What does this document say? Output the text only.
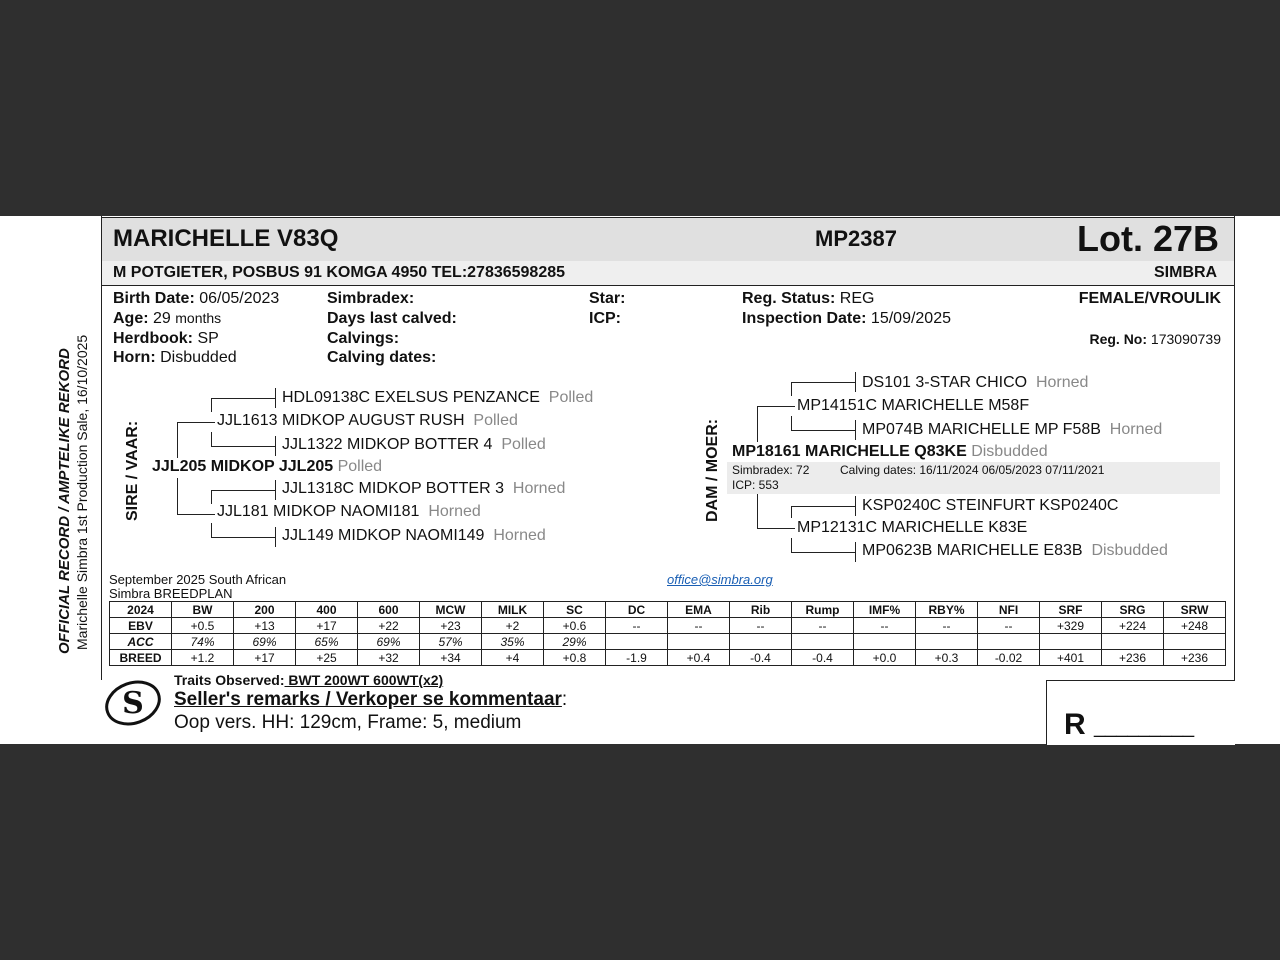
OFFICIAL RECORD / AMPTELIKE REKORD Marichelle Simbra 1st Production Sale, 16/10/2025
MARICHELLE V83Q	MP2387	Lot. 27B
M POTGIETER, POSBUS 91 KOMGA 4950 TEL:27836598285	SIMBRA
Birth Date: 06/05/2023
Age: 29 months
Herdbook: SP
Horn: Disbudded
Simbradex:
Days last calved:
Calvings:
Calving dates:
Star:
ICP:
Reg. Status: REG
Inspection Date: 15/09/2025
FEMALE/VROULIK
Reg. No: 173090739
SIRE / VAAR: JJL205 MIDKOP JJL205 Polled
JJL1613 MIDKOP AUGUST RUSH Polled
HDL09138C EXELSUS PENZANCE Polled
JJL1322 MIDKOP BOTTER 4 Polled
JJL181 MIDKOP NAOMI181 Horned
JJL1318C MIDKOP BOTTER 3 Horned
JJL149 MIDKOP NAOMI149 Horned
DAM / MOER: MP18161 MARICHELLE Q83KE Disbudded
Simbradex: 72	Calving dates: 16/11/2024 06/05/2023 07/11/2021
ICP: 553
MP14151C MARICHELLE M58F
DS101 3-STAR CHICO Horned
MP074B MARICHELLE MP F58B Horned
MP12131C MARICHELLE K83E
KSP0240C STEINFURT KSP0240C
MP0623B MARICHELLE E83B Disbudded
September 2025 South African
Simbra BREEDPLAN
office@simbra.org
2024	BW	200	400	600	MCW	MILK	SC	DC	EMA	Rib	Rump	IMF%	RBY%	NFI	SRF	SRG	SRW
EBV	+0.5	+13	+17	+22	+23	+2	+0.6	--	--	--	--	--	--	--	+329	+224	+248
ACC	74%	69%	65%	69%	57%	35%	29%										
BREED	+1.2	+17	+25	+32	+34	+4	+0.8	-1.9	+0.4	-0.4	-0.4	+0.0	+0.3	-0.02	+401	+236	+236
S
Traits Observed: BWT 200WT 600WT(x2)
Seller's remarks / Verkoper se kommentaar:
Oop vers. HH: 129cm, Frame: 5, medium	R _________
